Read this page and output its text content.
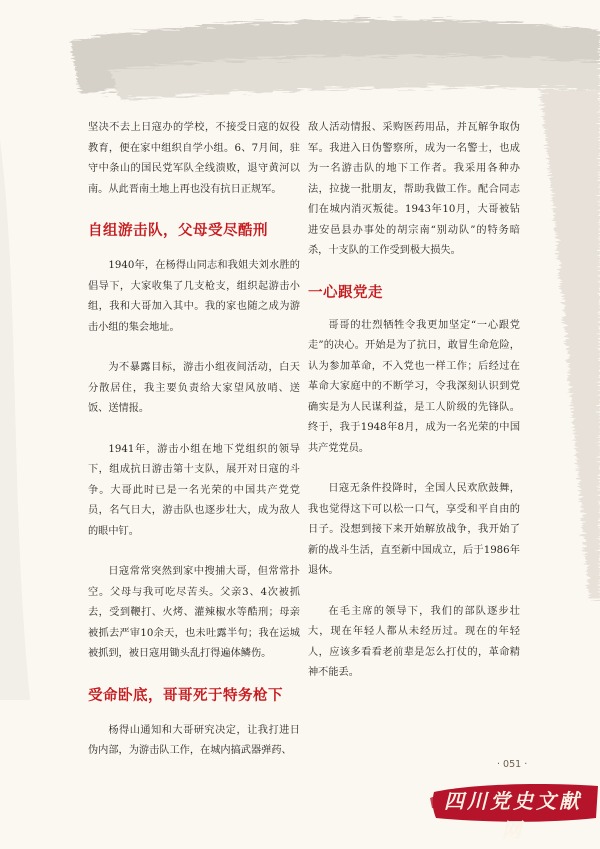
坚决不去上日寇办的学校，不接受日寇的奴役教育，便在家中组织自学小组。6、7月间，驻守中条山的国民党军队全线溃败，退守黄河以南。从此晋南土地上再也没有抗日正规军。

自组游击队，父母受尽酷刑

1940年，在杨得山同志和我姐夫刘水胜的倡导下，大家收集了几支枪支，组织起游击小组，我和大哥加入其中。我的家也随之成为游击小组的集会地址。

为不暴露目标，游击小组夜间活动，白天分散居住，我主要负责给大家望风放哨、送饭、送情报。

1941年，游击小组在地下党组织的领导下，组成抗日游击第十支队，展开对日寇的斗争。大哥此时已是一名光荣的中国共产党党员，名气日大，游击队也逐步壮大，成为敌人的眼中钉。

日寇常常突然到家中搜捕大哥，但常常扑空。父母与我可吃尽苦头。父亲3、4次被抓去，受到鞭打、火烤、灌辣椒水等酷刑；母亲被抓去严审10余天，也未吐露半句；我在运城被抓到，被日寇用锄头乱打得遍体鳞伤。

受命卧底，哥哥死于特务枪下

杨得山通知和大哥研究决定，让我打进日伪内部，为游击队工作，在城内搞武器弹药、

敌人活动情报、采购医药用品，并瓦解争取伪军。我进入日伪警察所，成为一名警士，也成为一名游击队的地下工作者。我采用各种办法，拉拢一批朋友，帮助我做工作。配合同志们在城内消灭叛徒。1943年10月，大哥被钻进安邑县办事处的胡宗南“别动队”的特务暗杀，十支队的工作受到极大损失。

一心跟党走

哥哥的壮烈牺牲令我更加坚定“一心跟党走”的决心。开始是为了抗日，敢冒生命危险，认为参加革命，不入党也一样工作；后经过在革命大家庭中的不断学习，令我深刻认识到党确实是为人民谋利益，是工人阶级的先锋队。终于，我于1948年8月，成为一名光荣的中国共产党党员。

日寇无条件投降时，全国人民欢欣鼓舞，我也觉得这下可以松一口气，享受和平自由的日子。没想到接下来开始解放战争，我开始了新的战斗生活，直至新中国成立，后于1986年退休。

在毛主席的领导下，我们的部队逐步壮大，现在年轻人都从未经历过。现在的年轻人，应该多看看老前辈是怎么打仗的，革命精神不能丢。

· 051 ·
四川党史文献网
